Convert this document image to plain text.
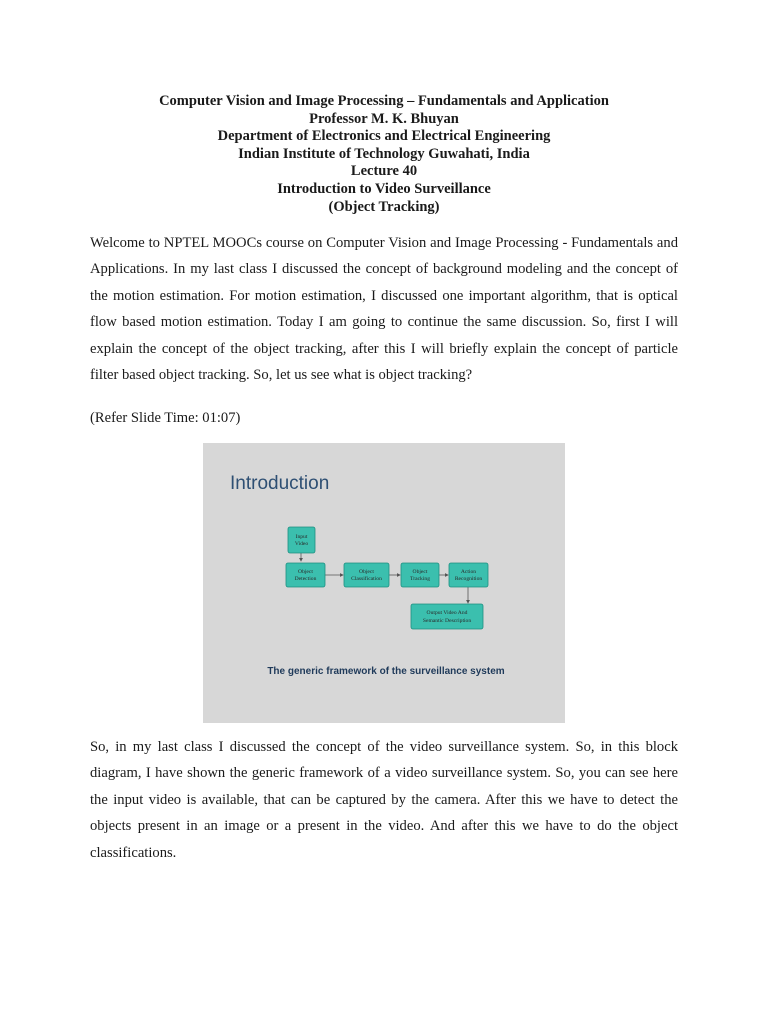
Computer Vision and Image Processing – Fundamentals and Application
Professor M. K. Bhuyan
Department of Electronics and Electrical Engineering
Indian Institute of Technology Guwahati, India
Lecture 40
Introduction to Video Surveillance
(Object Tracking)

Welcome to NPTEL MOOCs course on Computer Vision and Image Processing - Fundamentals and Applications. In my last class I discussed the concept of background modeling and the concept of the motion estimation. For motion estimation, I discussed one important algorithm, that is optical flow based motion estimation. Today I am going to continue the same discussion. So, first I will explain the concept of the object tracking, after this I will briefly explain the concept of particle filter based object tracking. So, let us see what is object tracking?

(Refer Slide Time: 01:07)

Introduction
Input
Video
Object
Detection
Object
Classification
Object
Tracking
Action
Recognition
Output Video And
Semantic Description
The generic framework of the surveillance system

So, in my last class I discussed the concept of the video surveillance system. So, in this block diagram, I have shown the generic framework of a video surveillance system. So, you can see here the input video is available, that can be captured by the camera. After this we have to detect the objects present in an image or a present in the video. And after this we have to do the object classifications.
